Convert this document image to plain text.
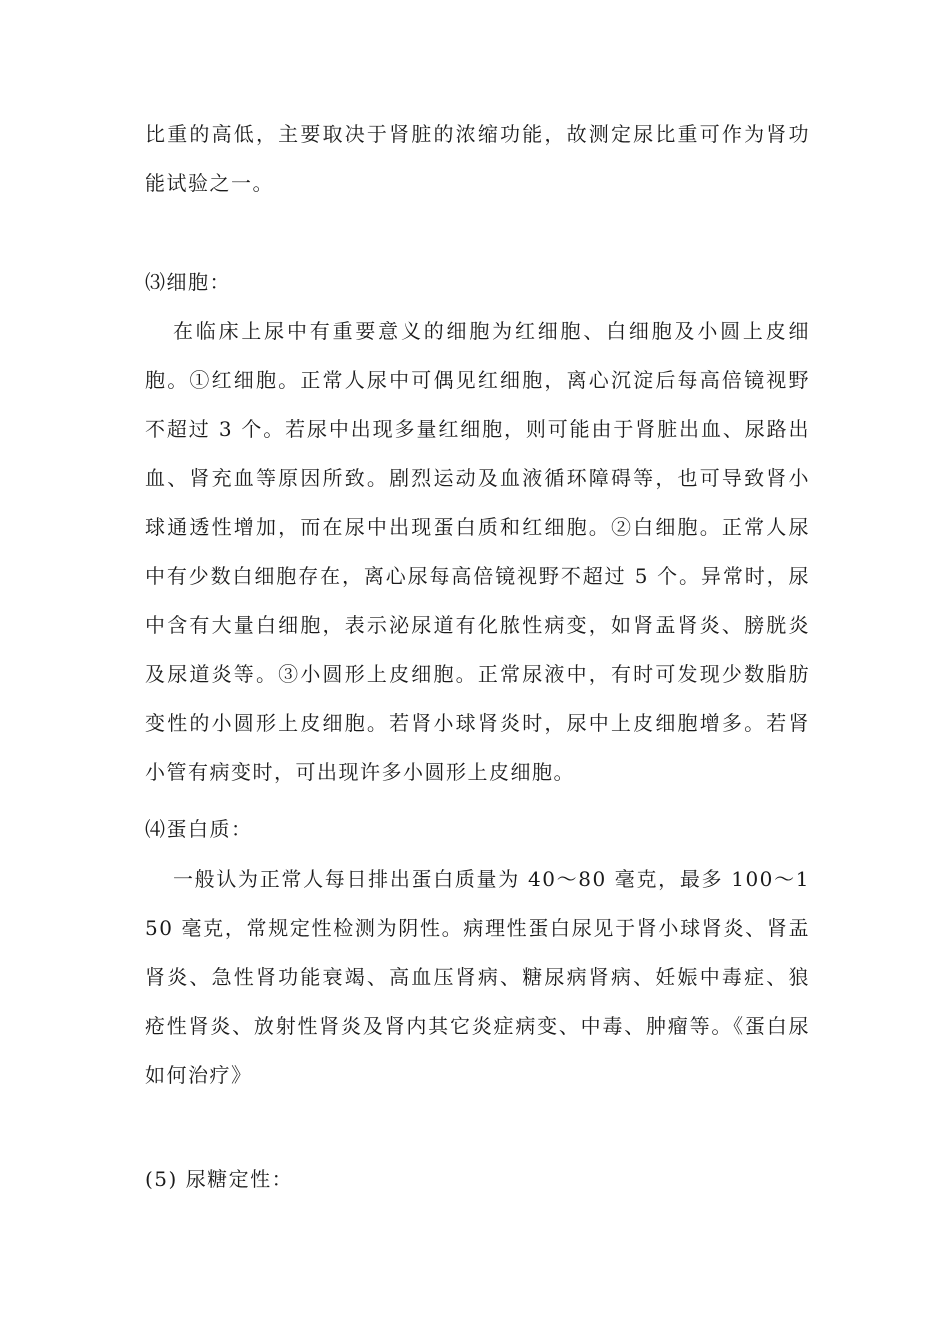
比重的高低，主要取决于肾脏的浓缩功能，故测定尿比重可作为肾功能试验之一。
⑶细胞：
在临床上尿中有重要意义的细胞为红细胞、白细胞及小圆上皮细胞。①红细胞。正常人尿中可偶见红细胞，离心沉淀后每高倍镜视野不超过 3 个。若尿中出现多量红细胞，则可能由于肾脏出血、尿路出血、肾充血等原因所致。剧烈运动及血液循环障碍等，也可导致肾小球通透性增加，而在尿中出现蛋白质和红细胞。②白细胞。正常人尿中有少数白细胞存在，离心尿每高倍镜视野不超过 5 个。异常时，尿中含有大量白细胞，表示泌尿道有化脓性病变，如肾盂肾炎、膀胱炎及尿道炎等。③小圆形上皮细胞。正常尿液中，有时可发现少数脂肪变性的小圆形上皮细胞。若肾小球肾炎时，尿中上皮细胞增多。若肾小管有病变时，可出现许多小圆形上皮细胞。
⑷蛋白质：
一般认为正常人每日排出蛋白质量为 40～80 毫克，最多 100～150 毫克，常规定性检测为阴性。病理性蛋白尿见于肾小球肾炎、肾盂肾炎、急性肾功能衰竭、高血压肾病、糖尿病肾病、妊娠中毒症、狼疮性肾炎、放射性肾炎及肾内其它炎症病变、中毒、肿瘤等。《蛋白尿如何治疗》
(5) 尿糖定性：
